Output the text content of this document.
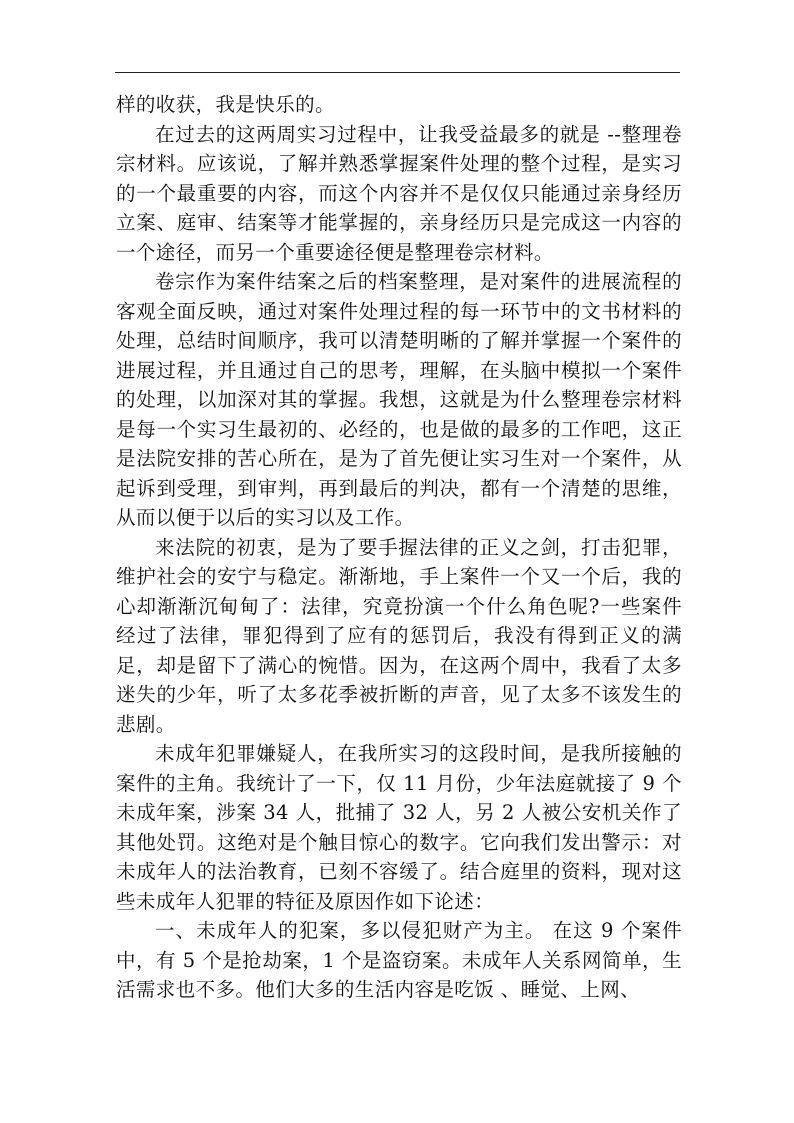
样的收获，我是快乐的。

在过去的这两周实习过程中，让我受益最多的就是 --整理卷宗材料。应该说，了解并熟悉掌握案件处理的整个过程，是实习的一个最重要的内容，而这个内容并不是仅仅只能通过亲身经历立案、庭审、结案等才能掌握的，亲身经历只是完成这一内容的一个途径，而另一个重要途径便是整理卷宗材料。

卷宗作为案件结案之后的档案整理，是对案件的进展流程的客观全面反映，通过对案件处理过程的每一环节中的文书材料的处理，总结时间顺序，我可以清楚明晰的了解并掌握一个案件的进展过程，并且通过自己的思考，理解，在头脑中模拟一个案件的处理，以加深对其的掌握。我想，这就是为什么整理卷宗材料是每一个实习生最初的、必经的，也是做的最多的工作吧，这正是法院安排的苦心所在，是为了首先便让实习生对一个案件，从起诉到受理，到审判，再到最后的判决，都有一个清楚的思维，从而以便于以后的实习以及工作。

来法院的初衷，是为了要手握法律的正义之剑，打击犯罪，维护社会的安宁与稳定。渐渐地，手上案件一个又一个后，我的心却渐渐沉甸甸了：法律，究竟扮演一个什么角色呢?一些案件经过了法律，罪犯得到了应有的惩罚后，我没有得到正义的满足，却是留下了满心的惋惜。因为，在这两个周中，我看了太多迷失的少年，听了太多花季被折断的声音，见了太多不该发生的悲剧。

未成年犯罪嫌疑人，在我所实习的这段时间，是我所接触的案件的主角。我统计了一下，仅 11 月份，少年法庭就接了 9 个未成年案，涉案 34 人，批捕了 32 人，另 2 人被公安机关作了其他处罚。这绝对是个触目惊心的数字。它向我们发出警示：对未成年人的法治教育，已刻不容缓了。结合庭里的资料，现对这些未成年人犯罪的特征及原因作如下论述：

一、未成年人的犯案，多以侵犯财产为主。 在这 9 个案件中，有 5 个是抢劫案，1 个是盗窃案。未成年人关系网简单，生活需求也不多。他们大多的生活内容是吃饭 、睡觉、上网、
